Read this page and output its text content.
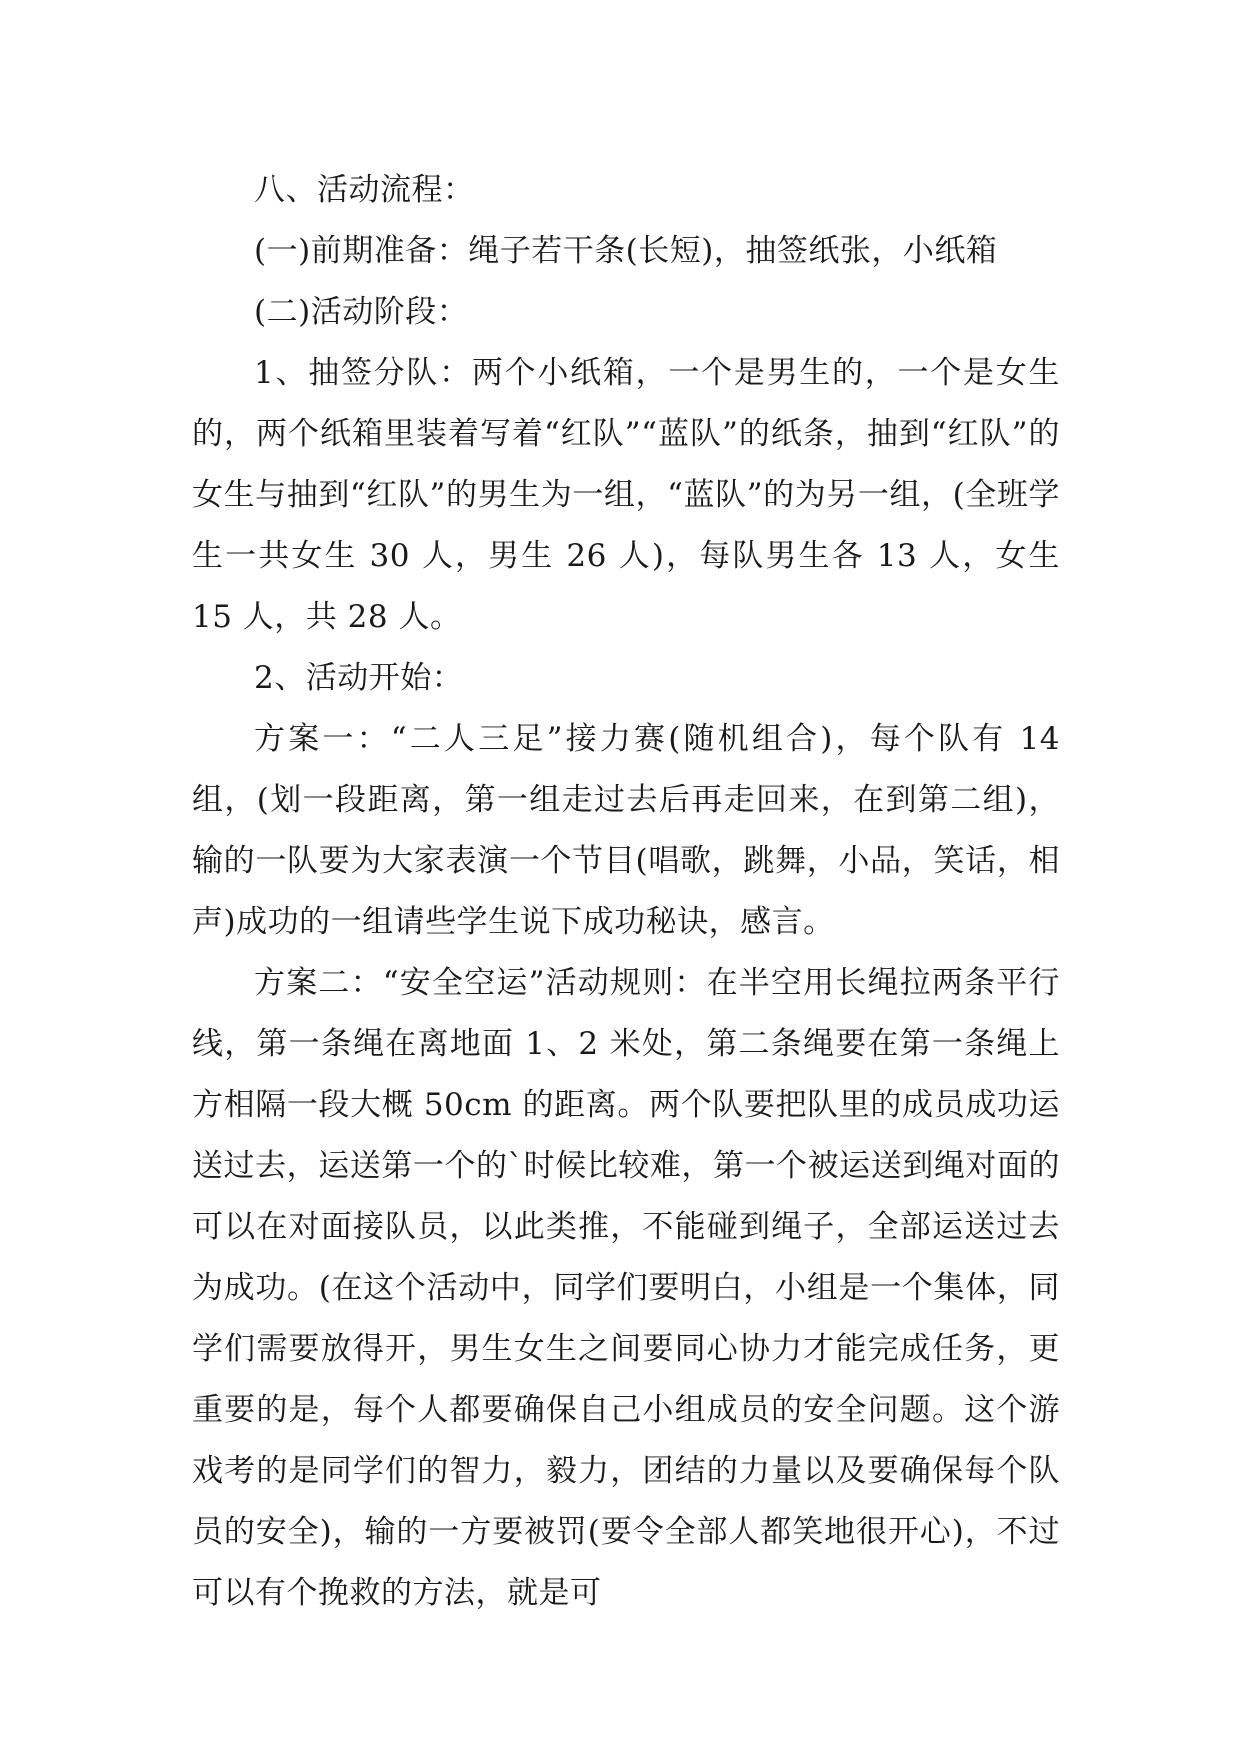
八、活动流程：

(一)前期准备：绳子若干条(长短)，抽签纸张，小纸箱

(二)活动阶段：

1、抽签分队：两个小纸箱，一个是男生的，一个是女生的，两个纸箱里装着写着“红队”“蓝队”的纸条，抽到“红队”的女生与抽到“红队”的男生为一组，“蓝队”的为另一组，(全班学生一共女生 30 人，男生 26 人)，每队男生各 13 人，女生 15 人，共 28 人。

2、活动开始：

方案一：“二人三足”接力赛(随机组合)，每个队有 14 组，(划一段距离，第一组走过去后再走回来，在到第二组)，输的一队要为大家表演一个节目(唱歌，跳舞，小品，笑话，相声)成功的一组请些学生说下成功秘诀，感言。

方案二：“安全空运”活动规则：在半空用长绳拉两条平行线，第一条绳在离地面 1、2 米处，第二条绳要在第一条绳上方相隔一段大概 50cm 的距离。两个队要把队里的成员成功运送过去，运送第一个的`时候比较难，第一个被运送到绳对面的可以在对面接队员，以此类推，不能碰到绳子，全部运送过去为成功。(在这个活动中，同学们要明白，小组是一个集体，同学们需要放得开，男生女生之间要同心协力才能完成任务，更重要的是，每个人都要确保自己小组成员的安全问题。这个游戏考的是同学们的智力，毅力，团结的力量以及要确保每个队员的安全)，输的一方要被罚(要令全部人都笑地很开心)，不过可以有个挽救的方法，就是可
